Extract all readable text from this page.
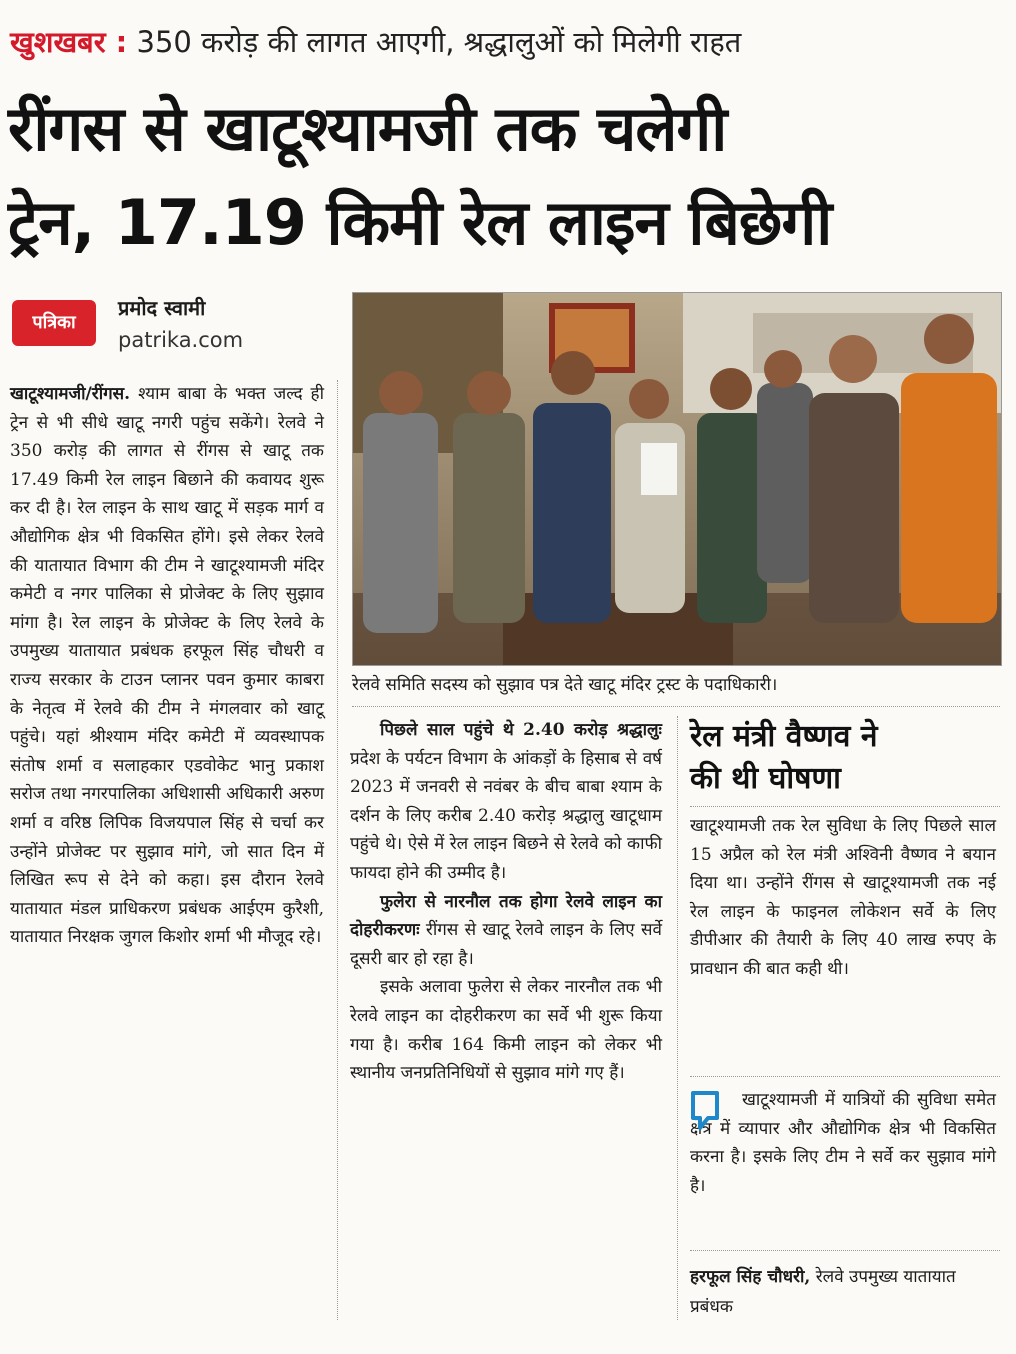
खुशखबर : 350 करोड़ की लागत आएगी, श्रद्धालुओं को मिलेगी राहत
रींगस से खाटूश्यामजी तक चलेगी
ट्रेन, 17.19 किमी रेल लाइन बिछेगी
पत्रिका
प्रमोद स्वामी
patrika.com

खाटूश्यामजी/रींगस. श्याम बाबा के भक्त जल्द ही ट्रेन से भी सीधे खाटू नगरी पहुंच सकेंगे। रेलवे ने 350 करोड़ की लागत से रींगस से खाटू तक 17.49 किमी रेल लाइन बिछाने की कवायद शुरू कर दी है। रेल लाइन के साथ खाटू में सड़क मार्ग व औद्योगिक क्षेत्र भी विकसित होंगे। इसे लेकर रेलवे की यातायात विभाग की टीम ने खाटूश्यामजी मंदिर कमेटी व नगर पालिका से प्रोजेक्ट के लिए सुझाव मांगा है। रेल लाइन के प्रोजेक्ट के लिए रेलवे के उपमुख्य यातायात प्रबंधक हरफूल सिंह चौधरी व राज्य सरकार के टाउन प्लानर पवन कुमार काबरा के नेतृत्व में रेलवे की टीम ने मंगलवार को खाटू पहुंचे। यहां श्रीश्याम मंदिर कमेटी में व्यवस्थापक संतोष शर्मा व सलाहकार एडवोकेट भानु प्रकाश सरोज तथा नगरपालिका अधिशासी अधिकारी अरुण शर्मा व वरिष्ठ लिपिक विजयपाल सिंह से चर्चा कर उन्होंने प्रोजेक्ट पर सुझाव मांगे, जो सात दिन में लिखित रूप से देने को कहा। इस दौरान रेलवे यातायात मंडल प्राधिकरण प्रबंधक आईएम कुरैशी, यातायात निरक्षक जुगल किशोर शर्मा भी मौजूद रहे।

रेलवे समिति सदस्य को सुझाव पत्र देते खाटू मंदिर ट्रस्ट के पदाधिकारी।

पिछले साल पहुंचे थे 2.40 करोड़ श्रद्धालुः प्रदेश के पर्यटन विभाग के आंकड़ों के हिसाब से वर्ष 2023 में जनवरी से नवंबर के बीच बाबा श्याम के दर्शन के लिए करीब 2.40 करोड़ श्रद्धालु खाटूधाम पहुंचे थे। ऐसे में रेल लाइन बिछने से रेलवे को काफी फायदा होने की उम्मीद है।

फुलेरा से नारनौल तक होगा रेलवे लाइन का दोहरीकरणः रींगस से खाटू रेलवे लाइन के लिए सर्वे दूसरी बार हो रहा है।

इसके अलावा फुलेरा से लेकर नारनौल तक भी रेलवे लाइन का दोहरीकरण का सर्वे भी शुरू किया गया है। करीब 164 किमी लाइन को लेकर भी स्थानीय जनप्रतिनिधियों से सुझाव मांगे गए हैं।

रेल मंत्री वैष्णव ने
की थी घोषणा

खाटूश्यामजी तक रेल सुविधा के लिए पिछले साल 15 अप्रैल को रेल मंत्री अश्विनी वैष्णव ने बयान दिया था। उन्होंने रींगस से खाटूश्यामजी तक नई रेल लाइन के फाइनल लोकेशन सर्वे के लिए डीपीआर की तैयारी के लिए 40 लाख रुपए के प्रावधान की बात कही थी।

खाटूश्यामजी में यात्रियों की सुविधा समेत क्षेत्र में व्यापार और औद्योगिक क्षेत्र भी विकसित करना है। इसके लिए टीम ने सर्वे कर सुझाव मांगे है।

हरफूल सिंह चौधरी, रेलवे उपमुख्य यातायात प्रबंधक
